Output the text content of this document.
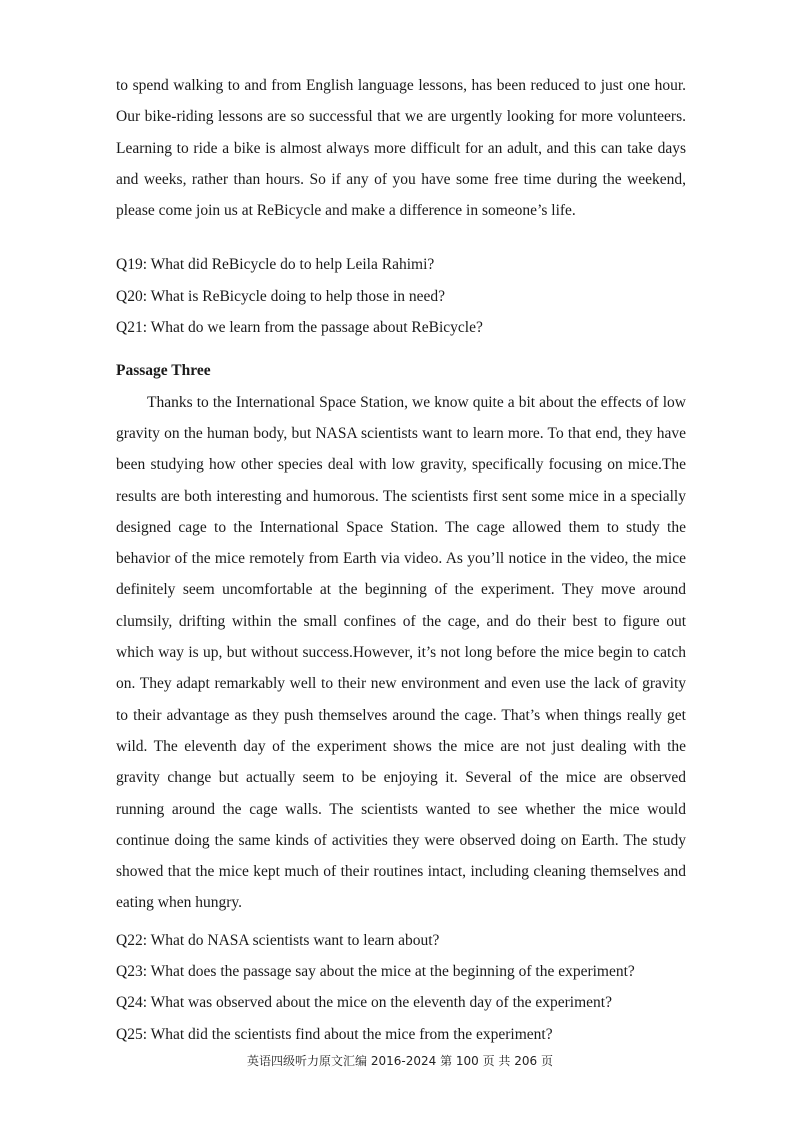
to spend walking to and from English language lessons, has been reduced to just one hour. Our bike-riding lessons are so successful that we are urgently looking for more volunteers. Learning to ride a bike is almost always more difficult for an adult, and this can take days and weeks, rather than hours. So if any of you have some free time during the weekend, please come join us at ReBicycle and make a difference in someone’s life.

Q19: What did ReBicycle do to help Leila Rahimi?
Q20: What is ReBicycle doing to help those in need?
Q21: What do we learn from the passage about ReBicycle?
Passage Three

Thanks to the International Space Station, we know quite a bit about the effects of low gravity on the human body, but NASA scientists want to learn more. To that end, they have been studying how other species deal with low gravity, specifically focusing on mice.The results are both interesting and humorous. The scientists first sent some mice in a specially designed cage to the International Space Station. The cage allowed them to study the behavior of the mice remotely from Earth via video. As you’ll notice in the video, the mice definitely seem uncomfortable at the beginning of the experiment. They move around clumsily, drifting within the small confines of the cage, and do their best to figure out which way is up, but without success.However, it’s not long before the mice begin to catch on. They adapt remarkably well to their new environment and even use the lack of gravity to their advantage as they push themselves around the cage. That’s when things really get wild. The eleventh day of the experiment shows the mice are not just dealing with the gravity change but actually seem to be enjoying it. Several of the mice are observed running around the cage walls. The scientists wanted to see whether the mice would continue doing the same kinds of activities they were observed doing on Earth. The study showed that the mice kept much of their routines intact, including cleaning themselves and eating when hungry.

Q22: What do NASA scientists want to learn about?
Q23: What does the passage say about the mice at the beginning of the experiment?
Q24: What was observed about the mice on the eleventh day of the experiment?
Q25: What did the scientists find about the mice from the experiment?
英语四级听力原文汇编 2016-2024 第 100 页 共 206 页
